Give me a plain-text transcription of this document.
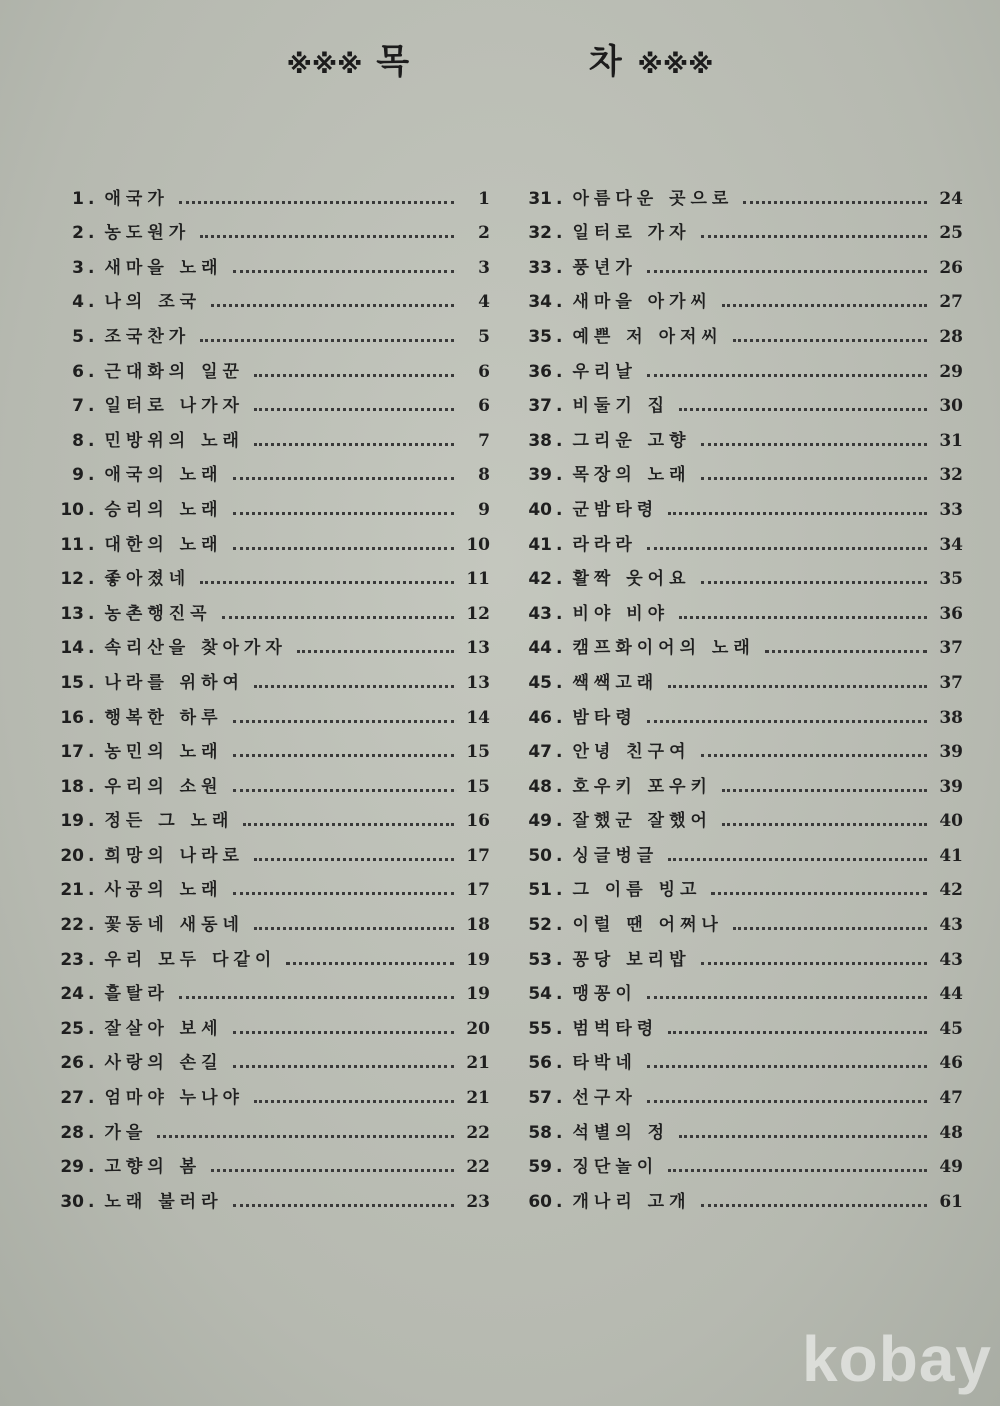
※※※ 목	차 ※※※
1 . 애국가	1
2 . 농도원가	2
3 . 새마을 노래	3
4 . 나의 조국	4
5 . 조국찬가	5
6 . 근대화의 일꾼	6
7 . 일터로 나가자	6
8 . 민방위의 노래	7
9 . 애국의 노래	8
10 . 승리의 노래	9
11 . 대한의 노래	10
12 . 좋아졌네	11
13 . 농촌행진곡	12
14 . 속리산을 찾아가자	13
15 . 나라를 위하여	13
16 . 행복한 하루	14
17 . 농민의 노래	15
18 . 우리의 소원	15
19 . 정든 그 노래	16
20 . 희망의 나라로	17
21 . 사공의 노래	17
22 . 꽃동네 새동네	18
23 . 우리 모두 다같이	19
24 . 흘탈라	19
25 . 잘살아 보세	20
26 . 사랑의 손길	21
27 . 엄마야 누나야	21
28 . 가을	22
29 . 고향의 봄	22
30 . 노래 불러라	23
31 . 아름다운 곳으로	24
32 . 일터로 가자	25
33 . 풍년가	26
34 . 새마을 아가씨	27
35 . 예쁜 저 아저씨	28
36 . 우리날	29
37 . 비둘기 집	30
38 . 그리운 고향	31
39 . 목장의 노래	32
40 . 군밤타령	33
41 . 라라라	34
42 . 활짝 웃어요	35
43 . 비야 비야	36
44 . 캠프화이어의 노래	37
45 . 쌕쌕고래	37
46 . 밤타령	38
47 . 안녕 친구여	39
48 . 호우키 포우키	39
49 . 잘했군 잘했어	40
50 . 싱글벙글	41
51 . 그 이름 빙고	42
52 . 이럴 땐 어쩌나	43
53 . 꽁당 보리밥	43
54 . 맹꽁이	44
55 . 범벅타령	45
56 . 타박네	46
57 . 선구자	47
58 . 석별의 정	48
59 . 징단놀이	49
60 . 개나리 고개	61
kobay
